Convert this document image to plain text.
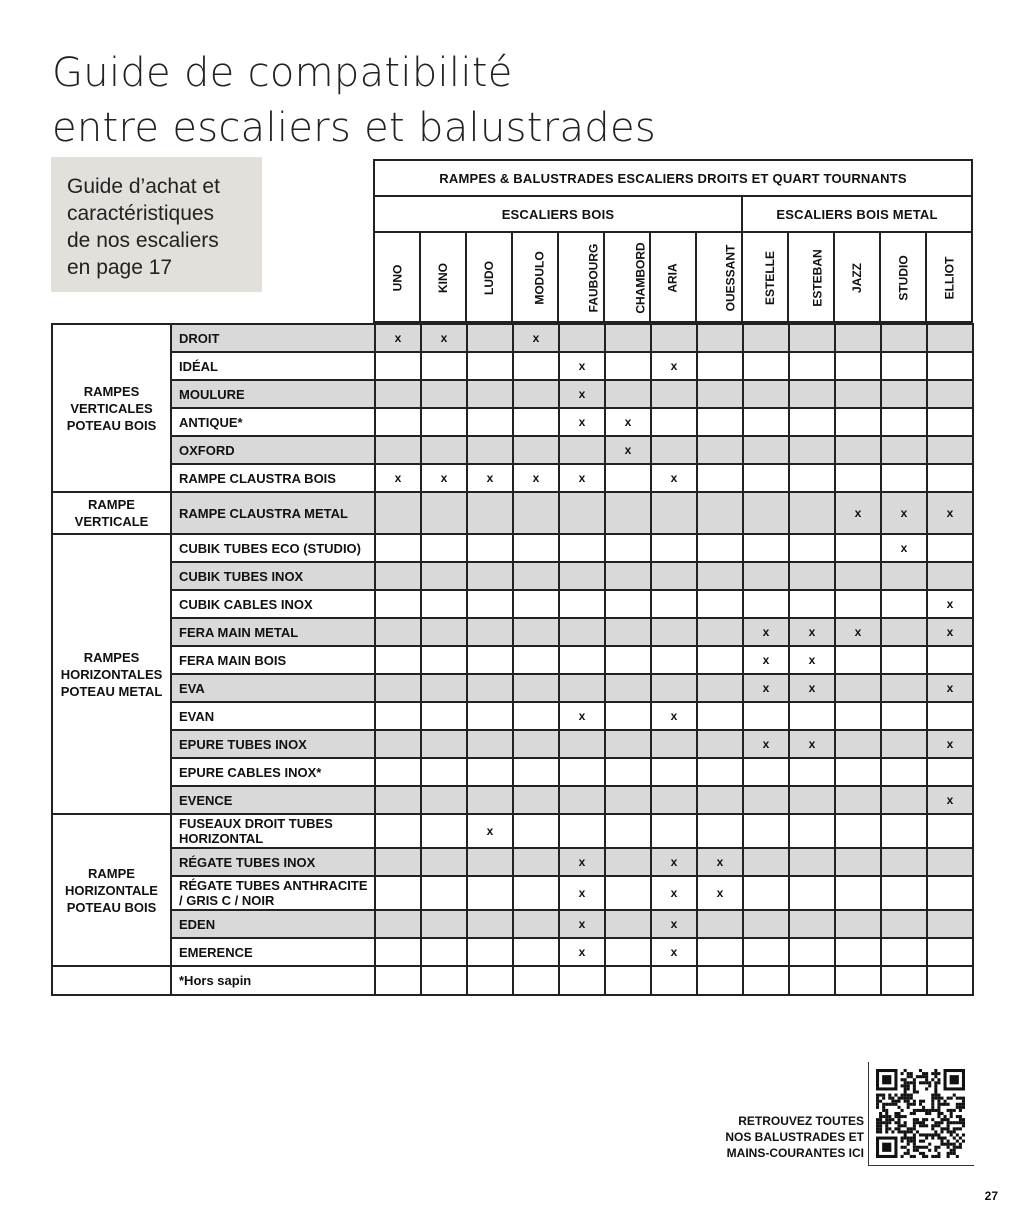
Guide de compatibilité
entre escaliers et balustrades
Guide d’achat et
caractéristiques
de nos escaliers
en page 17
RAMPES & BALUSTRADES ESCALIERS DROITS ET QUART TOURNANTS												
ESCALIERS BOIS								ESCALIERS BOIS METAL				
UNO	KINO	LUDO	MODULO	FAUBOURG	CHAMBORD	ARIA	OUESSANT	ESTELLE	ESTEBAN	JAZZ	STUDIO	ELLIOT
RAMPES VERTICALES POTEAU BOIS	DROIT	x	x		x									
	IDÉAL					x		x						
	MOULURE					x								
	ANTIQUE*					x	x							
	OXFORD						x							
	RAMPE CLAUSTRA BOIS	x	x	x	x	x		x						
RAMPE VERTICALE	RAMPE CLAUSTRA METAL											x	x	x
RAMPES HORIZONTALES POTEAU METAL	CUBIK TUBES ECO (STUDIO)												x	
	CUBIK TUBES INOX													
	CUBIK CABLES INOX													x
	FERA MAIN METAL									x	x	x		x
	FERA MAIN BOIS									x	x			
	EVA									x	x			x
	EVAN					x		x						
	EPURE TUBES INOX									x	x			x
	EPURE CABLES INOX*													
	EVENCE													x
RAMPE HORIZONTALE POTEAU BOIS	FUSEAUX DROIT TUBES HORIZONTAL			x										
	RÉGATE TUBES INOX					x		x	x					
	RÉGATE TUBES ANTHRACITE / GRIS C / NOIR					x		x	x					
	EDEN					x		x						
	EMERENCE					x		x						
	*Hors sapin													
RETROUVEZ TOUTES
NOS BALUSTRADES ET
MAINS-COURANTES ICI
27
